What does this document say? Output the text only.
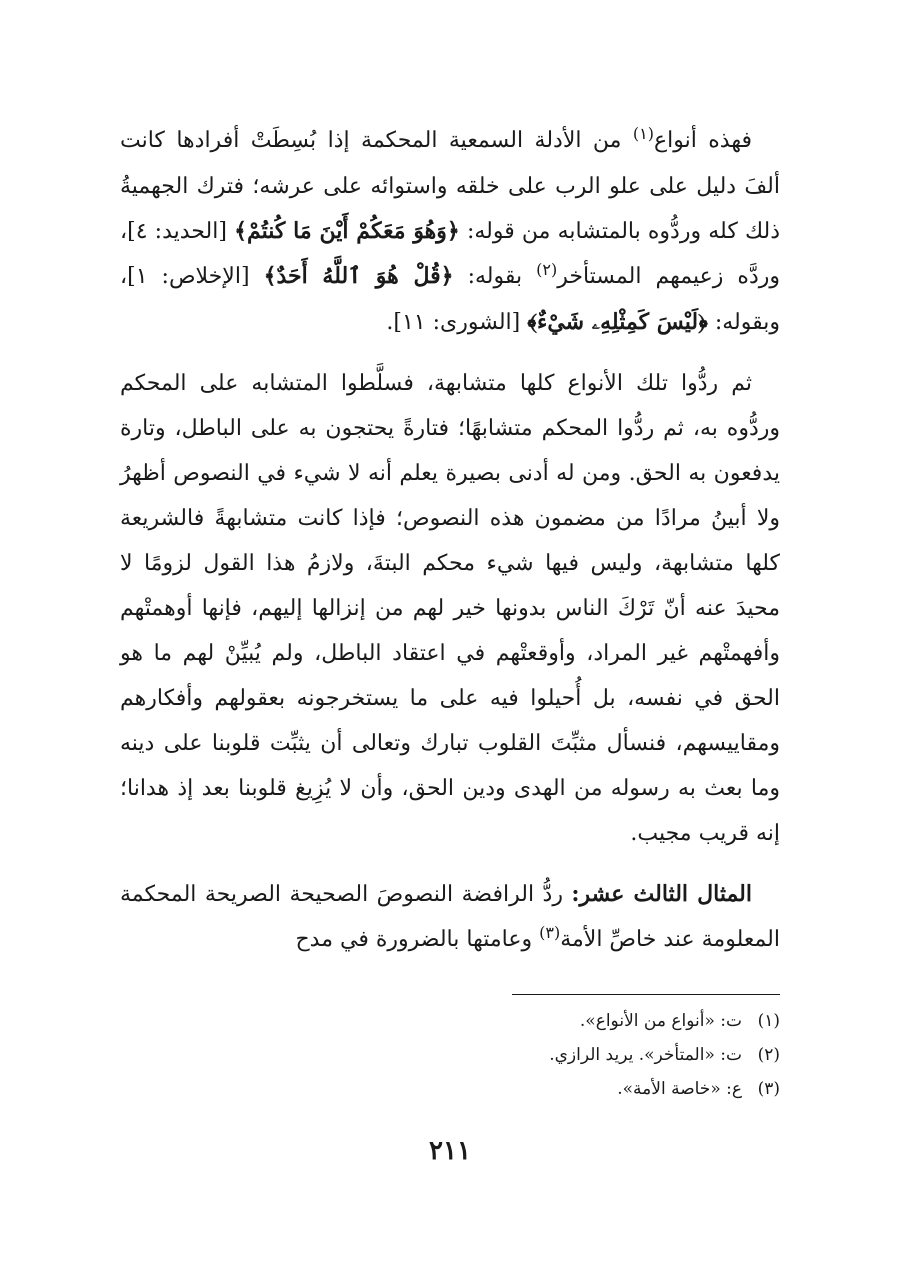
فهذه أنواع$^{(١)}$ من الأدلة السمعية المحكمة إذا بُسِطَتْ أفرادها كانت ألفَ دليل على علو الرب على خلقه واستوائه على عرشه؛ فترك الجهميةُ ذلك كله وردُّوه بالمتشابه من قوله: ﴿وَهُوَ مَعَكُمْ أَيْنَ مَا كُنتُمْ﴾ [الحديد: ٤]، وردَّه زعيمهم المستأخر$^{(٢)}$ بقوله: ﴿قُلْ هُوَ ٱللَّهُ أَحَدٌ﴾ [الإخلاص: ١]، وبقوله: ﴿لَيْسَ كَمِثْلِهِۦ شَيْءٌ﴾ [الشورى: ١١].

ثم ردُّوا تلك الأنواع كلها متشابهة، فسلَّطوا المتشابه على المحكم وردُّوه به، ثم ردُّوا المحكم متشابهًا؛ فتارةً يحتجون به على الباطل، وتارة يدفعون به الحق. ومن له أدنى بصيرة يعلم أنه لا شيء في النصوص أظهرُ ولا أبينُ مرادًا من مضمون هذه النصوص؛ فإذا كانت متشابهةً فالشريعة كلها متشابهة، وليس فيها شيء محكم البتةَ، ولازمُ هذا القول لزومًا لا محيدَ عنه أنّ تَرْكَ الناس بدونها خير لهم من إنزالها إليهم، فإنها أوهمتْهم وأفهمتْهم غير المراد، وأوقعتْهم في اعتقاد الباطل، ولم يُبيِّنْ لهم ما هو الحق في نفسه، بل أُحيلوا فيه على ما يستخرجونه بعقولهم وأفكارهم ومقاييسهم، فنسأل مثبِّتَ القلوب تبارك وتعالى أن يثبِّت قلوبنا على دينه وما بعث به رسوله من الهدى ودين الحق، وأن لا يُزِيغ قلوبنا بعد إذ هدانا؛ إنه قريب مجيب.

المثال الثالث عشر: ردُّ الرافضة النصوصَ الصحيحة الصريحة المحكمة المعلومة عند خاصِّ الأمة$^{(٣)}$ وعامتها بالضرورة في مدح

(١)ت: «أنواع من الأنواع».
(٢)ت: «المتأخر». يريد الرازي.
(٣)ع: «خاصة الأمة».
٢١١
